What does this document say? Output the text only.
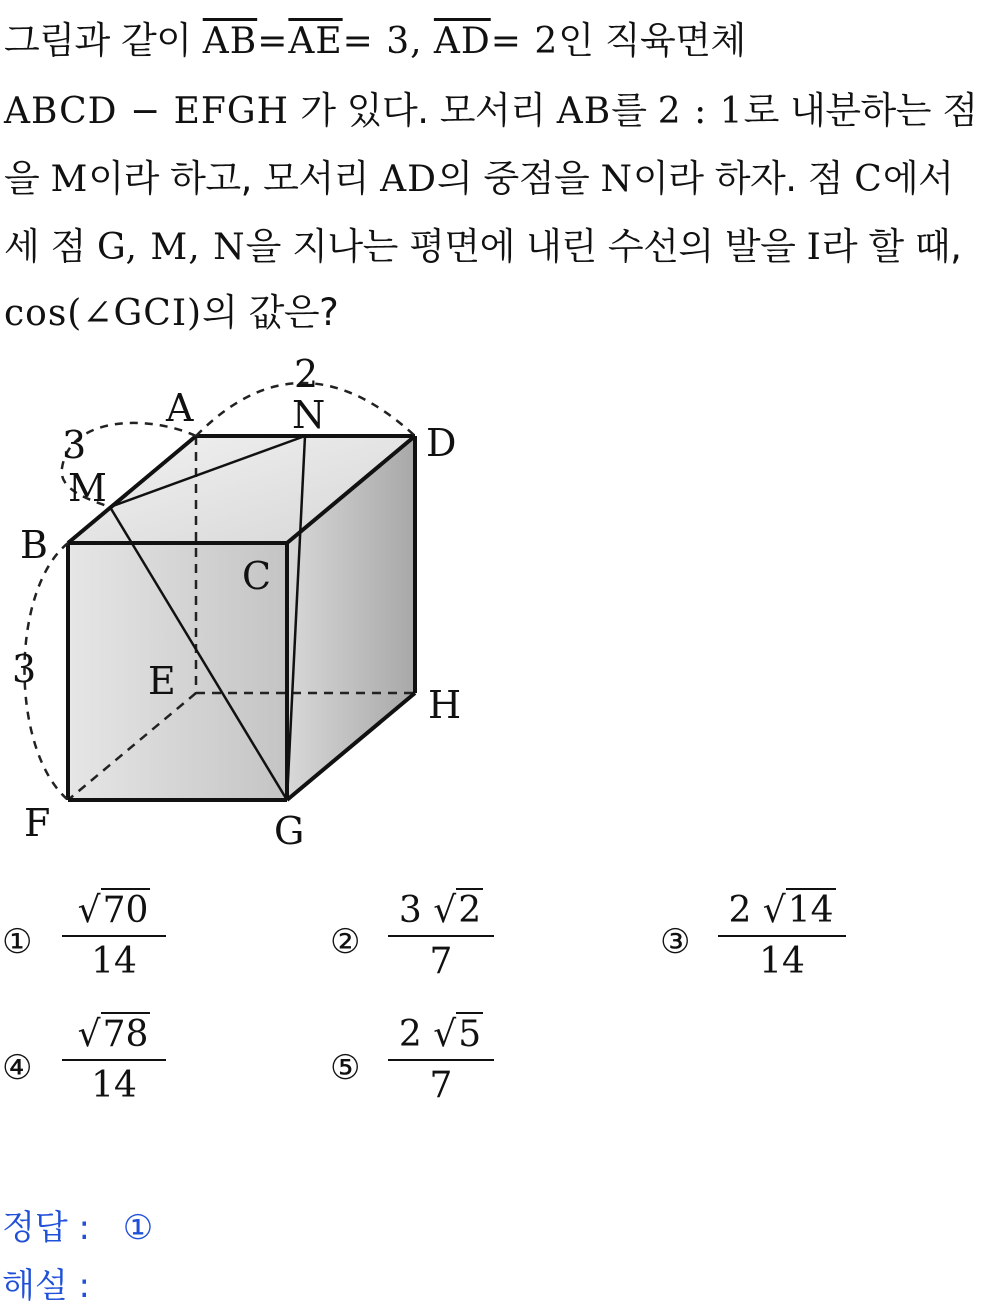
그림과 같이 $\overline{AB}=\overline{AE}= 3$, $\overline{AD}= 2$인 직육면체
ABCD − EFGH 가 있다. 모서리 AB를 2 : 1로 내분하는 점
을 M이라 하고, 모서리 AD의 중점을 N이라 하자. 점 C에서
세 점 G, M, N을 지나는 평면에 내린 수선의 발을 I라 할 때,
cos(∠GCI)의 값은?
A	N
D
M
B
C
E
H
F	G
2
3
3
①
√70
14	②
3 √2
7	③
2 √14
14
④
√78
14	⑤
2 √5
7
정답 : ①
해설 :
